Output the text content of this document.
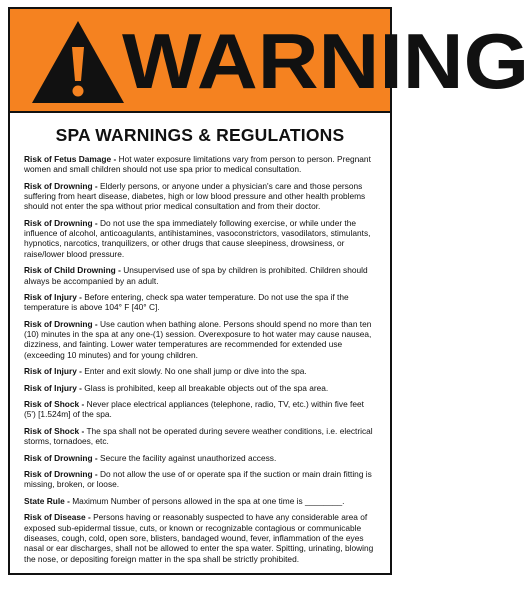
WARNING
SPA WARNINGS & REGULATIONS

Risk of Fetus Damage - Hot water exposure limitations vary from person to person. Pregnant women and small children should not use spa prior to medical consultation.

Risk of Drowning - Elderly persons, or anyone under a physician's care and those persons suffering from heart disease, diabetes, high or low blood pressure and other health problems should not enter the spa without prior medical consultation and from their doctor.

Risk of Drowning - Do not use the spa immediately following exercise, or while under the influence of alcohol, anticoagulants, antihistamines, vasoconstrictors, vasodilators, stimulants, hypnotics, narcotics, tranquilizers, or other drugs that cause sleepiness, drowsiness, or raise/lower blood pressure.

Risk of Child Drowning - Unsupervised use of spa by children is prohibited. Children should always be accompanied by an adult.

Risk of Injury - Before entering, check spa water temperature. Do not use the spa if the temperature is above 104° F [40° C].

Risk of Drowning - Use caution when bathing alone. Persons should spend no more than ten (10) minutes in the spa at any one-(1) session. Overexposure to hot water may cause nausea, dizziness, and fainting. Lower water temperatures are recommended for extended use (exceeding 10 minutes) and for young children.

Risk of Injury - Enter and exit slowly. No one shall jump or dive into the spa.

Risk of Injury - Glass is prohibited, keep all breakable objects out of the spa area.

Risk of Shock - Never place electrical appliances (telephone, radio, TV, etc.) within five feet (5') [1.524m] of the spa.

Risk of Shock - The spa shall not be operated during severe weather conditions, i.e. electrical storms, tornadoes, etc.

Risk of Drowning - Secure the facility against unauthorized access.

Risk of Drowning - Do not allow the use of or operate spa if the suction or main drain fitting is missing, broken, or loose.

State Rule - Maximum Number of persons allowed in the spa at one time is ________.

Risk of Disease - Persons having or reasonably suspected to have any considerable area of exposed sub-epidermal tissue, cuts, or known or recognizable contagious or communicable diseases, cough, cold, open sore, blisters, bandaged wound, fever, inflammation of the eyes nasal or ear discharges, shall not be allowed to enter the spa water. Spitting, urinating, blowing the nose, or depositing foreign matter in the spa shall be strictly prohibited.
